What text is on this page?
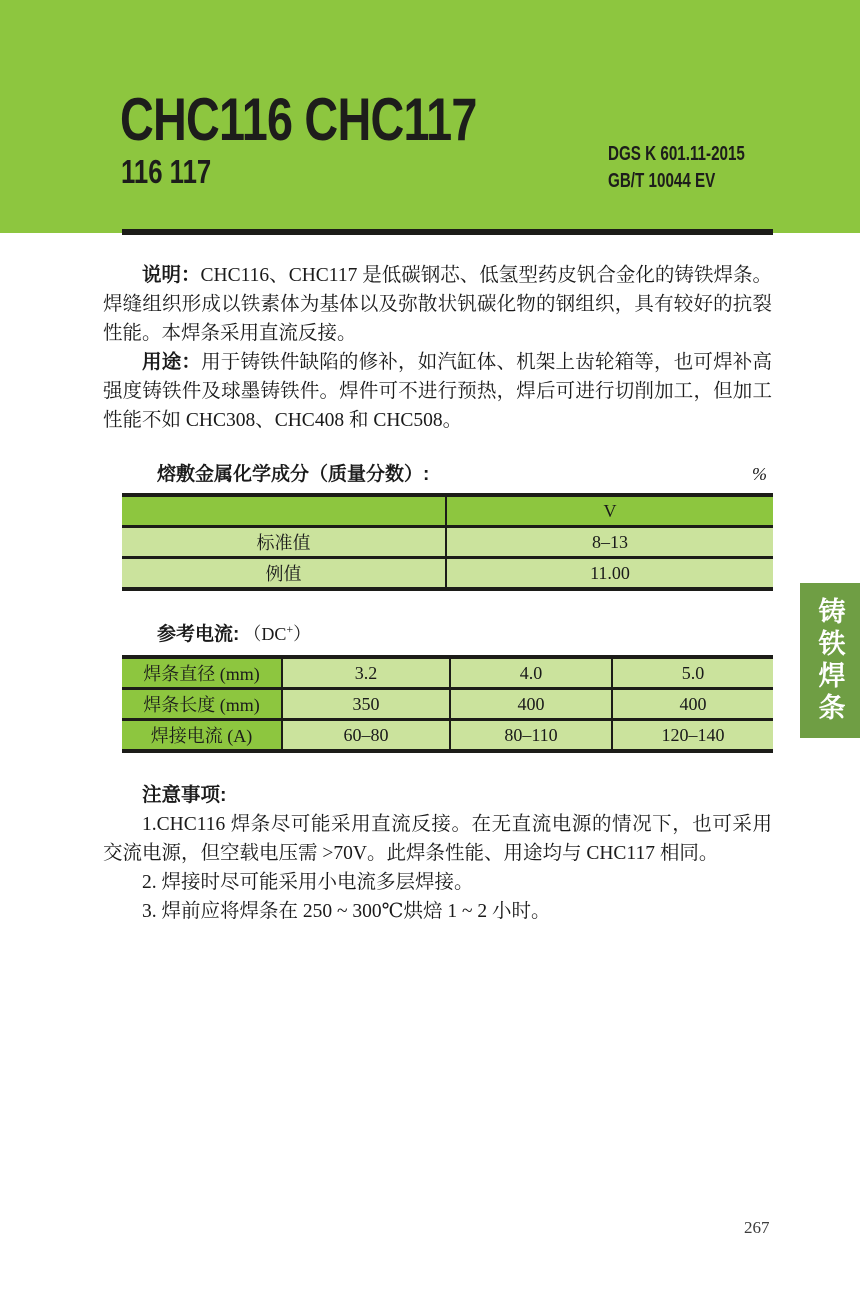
CHC116 CHC117
116 117	DGS K 601.11-2015
GB/T 10044 EV

说明：CHC116、CHC117 是低碳钢芯、低氢型药皮钒合金化的铸铁焊条。焊缝组织形成以铁素体为基体以及弥散状钒碳化物的钢组织，具有较好的抗裂性能。本焊条采用直流反接。

用途：用于铸铁件缺陷的修补，如汽缸体、机架上齿轮箱等，也可焊补高强度铸铁件及球墨铸铁件。焊件可不进行预热，焊后可进行切削加工，但加工性能不如 CHC308、CHC408 和 CHC508。

熔敷金属化学成分（质量分数）:	%
	V
标准值	8–13
例值	11.00
参考电流: （DC+）
焊条直径 (mm)	3.2	4.0	5.0
焊条长度 (mm)	350	400	400
焊接电流 (A)	60–80	80–110	120–140
注意事项:

1.CHC116 焊条尽可能采用直流反接。在无直流电源的情况下，也可采用交流电源，但空载电压需 >70V。此焊条性能、用途均与 CHC117 相同。

2. 焊接时尽可能采用小电流多层焊接。

3. 焊前应将焊条在 250 ~ 300℃烘焙 1 ~ 2 小时。

铸铁焊条
267
